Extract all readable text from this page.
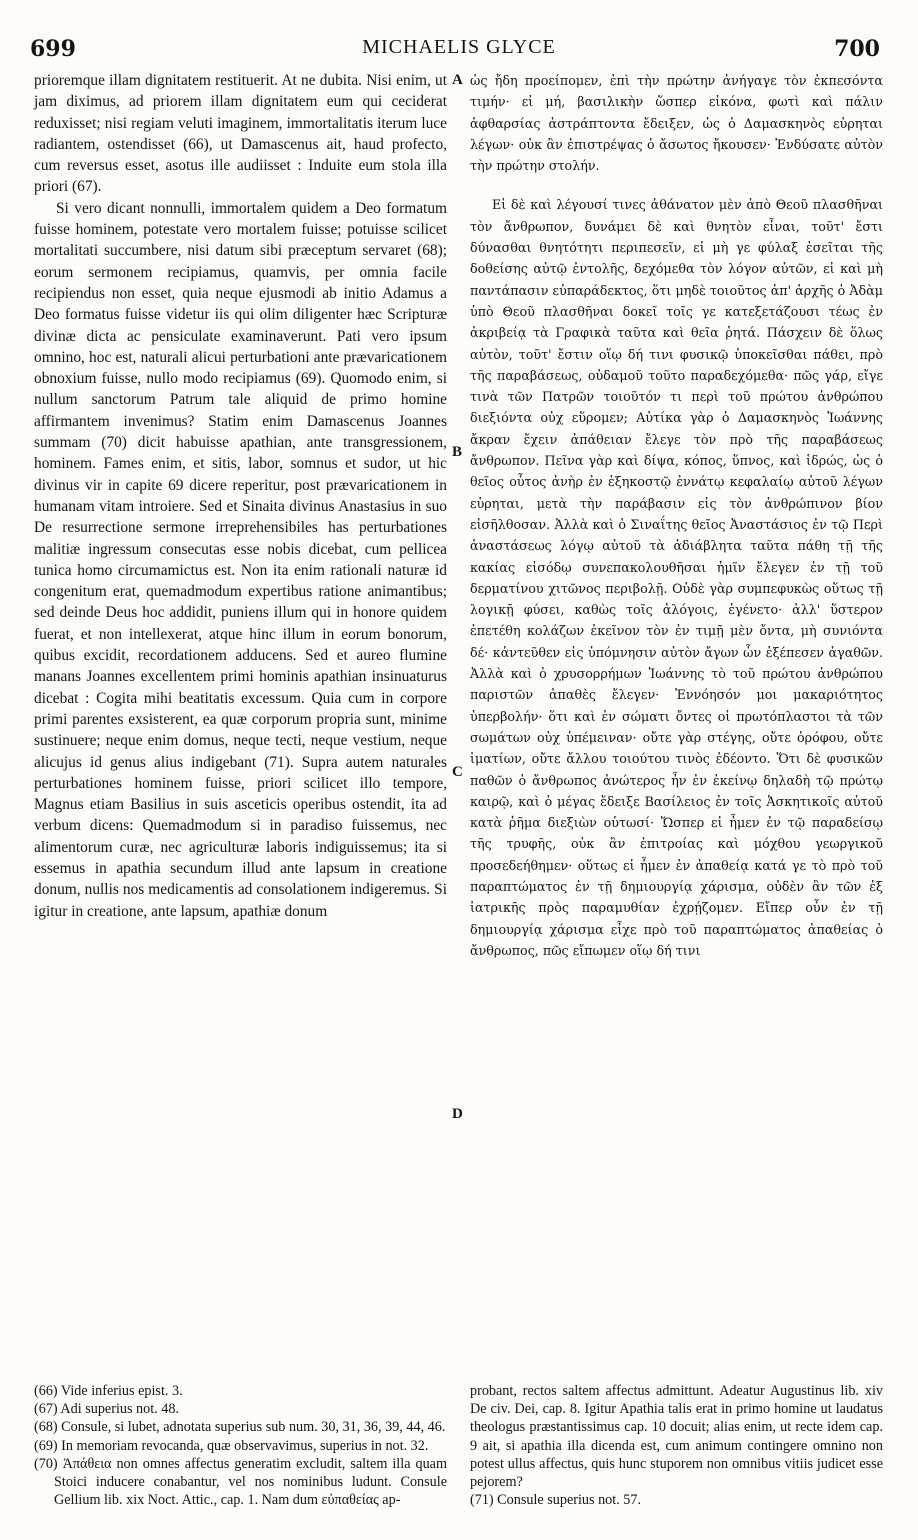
699	MICHAELIS GLYCE	700

prioremque illam dignitatem restituerit. At ne dubita. Nisi enim, ut jam diximus, ad priorem illam dignitatem eum qui ceciderat reduxisset; nisi regiam veluti imaginem, immortalitatis iterum luce radiantem, ostendisset (66), ut Damascenus ait, haud profecto, cum reversus esset, asotus ille audiisset : Induite eum stola illa priori (67).

Si vero dicant nonnulli, immortalem quidem a Deo formatum fuisse hominem, potestate vero mortalem fuisse; potuisse scilicet mortalitati succumbere, nisi datum sibi præceptum servaret (68); eorum sermonem recipiamus, quamvis, per omnia facile recipiendus non esset, quia neque ejusmodi ab initio Adamus a Deo formatus fuisse videtur iis qui olim diligenter hæc Scripturæ divinæ dicta ac pensiculate examinaverunt. Pati vero ipsum omnino, hoc est, naturali alicui perturbationi ante prævaricationem obnoxium fuisse, nullo modo recipiamus (69). Quomodo enim, si nullum sanctorum Patrum tale aliquid de primo homine affirmantem invenimus? Statim enim Damascenus Joannes summam (70) dicit habuisse apathian, ante transgressionem, hominem. Fames enim, et sitis, labor, somnus et sudor, ut hic divinus vir in capite 69 dicere reperitur, post prævaricationem in humanam vitam introiere. Sed et Sinaita divinus Anastasius in suo De resurrectione sermone irreprehensibiles has perturbationes malitiæ ingressum consecutas esse nobis dicebat, cum pellicea tunica homo circumamictus est. Non ita enim rationali naturæ id congenitum erat, quemadmodum expertibus ratione animantibus; sed deinde Deus hoc addidit, puniens illum qui in honore quidem fuerat, et non intellexerat, atque hinc illum in eorum bonorum, quibus excidit, recordationem adducens. Sed et aureo flumine manans Joannes excellentem primi hominis apathian insinuaturus dicebat : Cogita mihi beatitatis excessum. Quia cum in corpore primi parentes exsisterent, ea quæ corporum propria sunt, minime sustinuere; neque enim domus, neque tecti, neque vestium, neque alicujus id genus alius indigebant (71). Supra autem naturales perturbationes hominem fuisse, priori scilicet illo tempore, Magnus etiam Basilius in suis asceticis operibus ostendit, ita ad verbum dicens: Quemadmodum si in paradiso fuissemus, nec alimentorum curæ, nec agriculturæ laboris indiguissemus; ita si essemus in apathia secundum illud ante lapsum in creatione donum, nullis nos medicamentis ad consolationem indigeremus. Si igitur in creatione, ante lapsum, apathiæ donum

A
B
C
D

ὡς ἤδη προείπομεν, ἐπὶ τὴν πρώτην ἀνήγαγε τὸν ἐκπεσόντα τιμήν· εἰ μή, βασιλικὴν ὥσπερ εἰκόνα, φωτὶ καὶ πάλιν ἀφθαρσίας ἀστράπτοντα ἔδειξεν, ὡς ὁ Δαμασκηνὸς εὑρηται λέγων· οὐκ ἂν ἐπιστρέψας ὁ ἄσωτος ἤκουσεν· Ἐνδύσατε αὐτὸν τὴν πρώτην στολήν.

Εἰ δὲ καὶ λέγουσί τινες ἀθάνατον μὲν ἀπὸ Θεοῦ πλασθῆναι τὸν ἄνθρωπον, δυνάμει δὲ καὶ θνητὸν εἶναι, τοῦτ' ἔστι δύνασθαι θνητότητι περιπεσεῖν, εἰ μὴ γε φύλαξ ἐσεῖται τῆς δοθείσης αὐτῷ ἐντολῆς, δεχόμεθα τὸν λόγον αὐτῶν, εἰ καὶ μὴ παντάπασιν εὐπαράδεκτος, ὅτι μηδὲ τοιοῦτος ἀπ' ἀρχῆς ὁ Ἀδὰμ ὑπὸ Θεοῦ πλασθῆναι δοκεῖ τοῖς γε κατεξετάζουσι τέως ἐν ἀκριβείᾳ τὰ Γραφικὰ ταῦτα καὶ θεῖα ῥητά. Πάσχειν δὲ ὅλως αὐτὸν, τοῦτ' ἔστιν οἵῳ δή τινι φυσικῷ ὑποκεῖσθαι πάθει, πρὸ τῆς παραβάσεως, οὐδαμοῦ τοῦτο παραδεχόμεθα· πῶς γάρ, εἴγε τινὰ τῶν Πατρῶν τοιοῦτόν τι περὶ τοῦ πρώτου ἀνθρώπου διεξιόντα οὐχ εὕρομεν; Αὐτίκα γὰρ ὁ Δαμασκηνὸς Ἰωάννης ἄκραν ἔχειν ἀπάθειαν ἔλεγε τὸν πρὸ τῆς παραβάσεως ἄνθρωπον. Πεῖνα γὰρ καὶ δίψα, κόπος, ὕπνος, καὶ ἱδρώς, ὡς ὁ θεῖος οὗτος ἀνὴρ ἐν ἑξηκοστῷ ἐννάτῳ κεφαλαίῳ αὐτοῦ λέγων εὑρηται, μετὰ τὴν παράβασιν εἰς τὸν ἀνθρώπινον βίον εἰσῆλθοσαν. Ἀλλὰ καὶ ὁ Σιναΐτης θεῖος Ἀναστάσιος ἐν τῷ Περὶ ἀναστάσεως λόγῳ αὐτοῦ τὰ ἀδιάβλητα ταῦτα πάθη τῇ τῆς κακίας εἰσόδῳ συνεπακολουθῆσαι ἡμῖν ἔλεγεν ἐν τῇ τοῦ δερματίνου χιτῶνος περιβολῇ. Οὐδὲ γὰρ συμπεφυκὼς οὕτως τῇ λογικῇ φύσει, καθὼς τοῖς ἀλόγοις, ἐγένετο· ἀλλ' ὕστερον ἐπετέθη κολάζων ἐκεῖνον τὸν ἐν τιμῇ μὲν ὄντα, μὴ συνιόντα δέ· κἀντεῦθεν εἰς ὑπόμνησιν αὐτὸν ἄγων ὧν ἐξέπεσεν ἀγαθῶν. Ἀλλὰ καὶ ὁ χρυσορρήμων Ἰωάννης τὸ τοῦ πρώτου ἀνθρώπου παριστῶν ἀπαθὲς ἔλεγεν· Ἐννόησόν μοι μακαριότητος ὑπερβολήν· ὅτι καὶ ἐν σώματι ὄντες οἱ πρωτόπλαστοι τὰ τῶν σωμάτων οὐχ ὑπέμειναν· οὔτε γὰρ στέγης, οὔτε ὀρόφου, οὔτε ἱματίων, οὔτε ἄλλου τοιούτου τινὸς ἐδέοντο. Ὅτι δὲ φυσικῶν παθῶν ὁ ἄνθρωπος ἀνώτερος ἦν ἐν ἐκείνῳ δηλαδὴ τῷ πρώτῳ καιρῷ, καὶ ὁ μέγας ἔδειξε Βασίλειος ἐν τοῖς Ἀσκητικοῖς αὐτοῦ κατὰ ῥῆμα διεξιὼν οὑτωσί· Ὥσπερ εἰ ἦμεν ἐν τῷ παραδείσῳ τῆς τρυφῆς, οὐκ ἂν ἐπιτροίας καὶ μόχθου γεωργικοῦ προσεδεήθημεν· οὕτως εἰ ἦμεν ἐν ἀπαθείᾳ κατά γε τὸ πρὸ τοῦ παραπτώματος ἐν τῇ δημιουργίᾳ χάρισμα, οὐδὲν ἂν τῶν ἐξ ἰατρικῆς πρὸς παραμυθίαν ἐχρῄζομεν. Εἴπερ οὖν ἐν τῇ δημιουργίᾳ χάρισμα εἶχε πρὸ τοῦ παραπτώματος ἀπαθείας ὁ ἄνθρωπος, πῶς εἴπωμεν οἵῳ δή τινι

(66) Vide inferius epist. 3.

(67) Adi superius not. 48.

(68) Consule, si lubet, adnotata superius sub num. 30, 31, 36, 39, 44, 46.

(69) In memoriam revocanda, quæ observavimus, superius in not. 32.

(70) Ἀπάθεια non omnes affectus generatim excludit, saltem illa quam Stoici inducere conabantur, vel nos nominibus ludunt. Consule Gellium lib. xix Noct. Attic., cap. 1. Nam dum εὐπαθείας ap-

probant, rectos saltem affectus admittunt. Adeatur Augustinus lib. xiv De civ. Dei, cap. 8. Igitur Apathia talis erat in primo homine ut laudatus theologus præstantissimus cap. 10 docuit; alias enim, ut recte idem cap. 9 ait, si apathia illa dicenda est, cum animum contingere omnino non potest ullus affectus, quis hunc stuporem non omnibus vitiis judicet esse pejorem?

(71) Consule superius not. 57.
